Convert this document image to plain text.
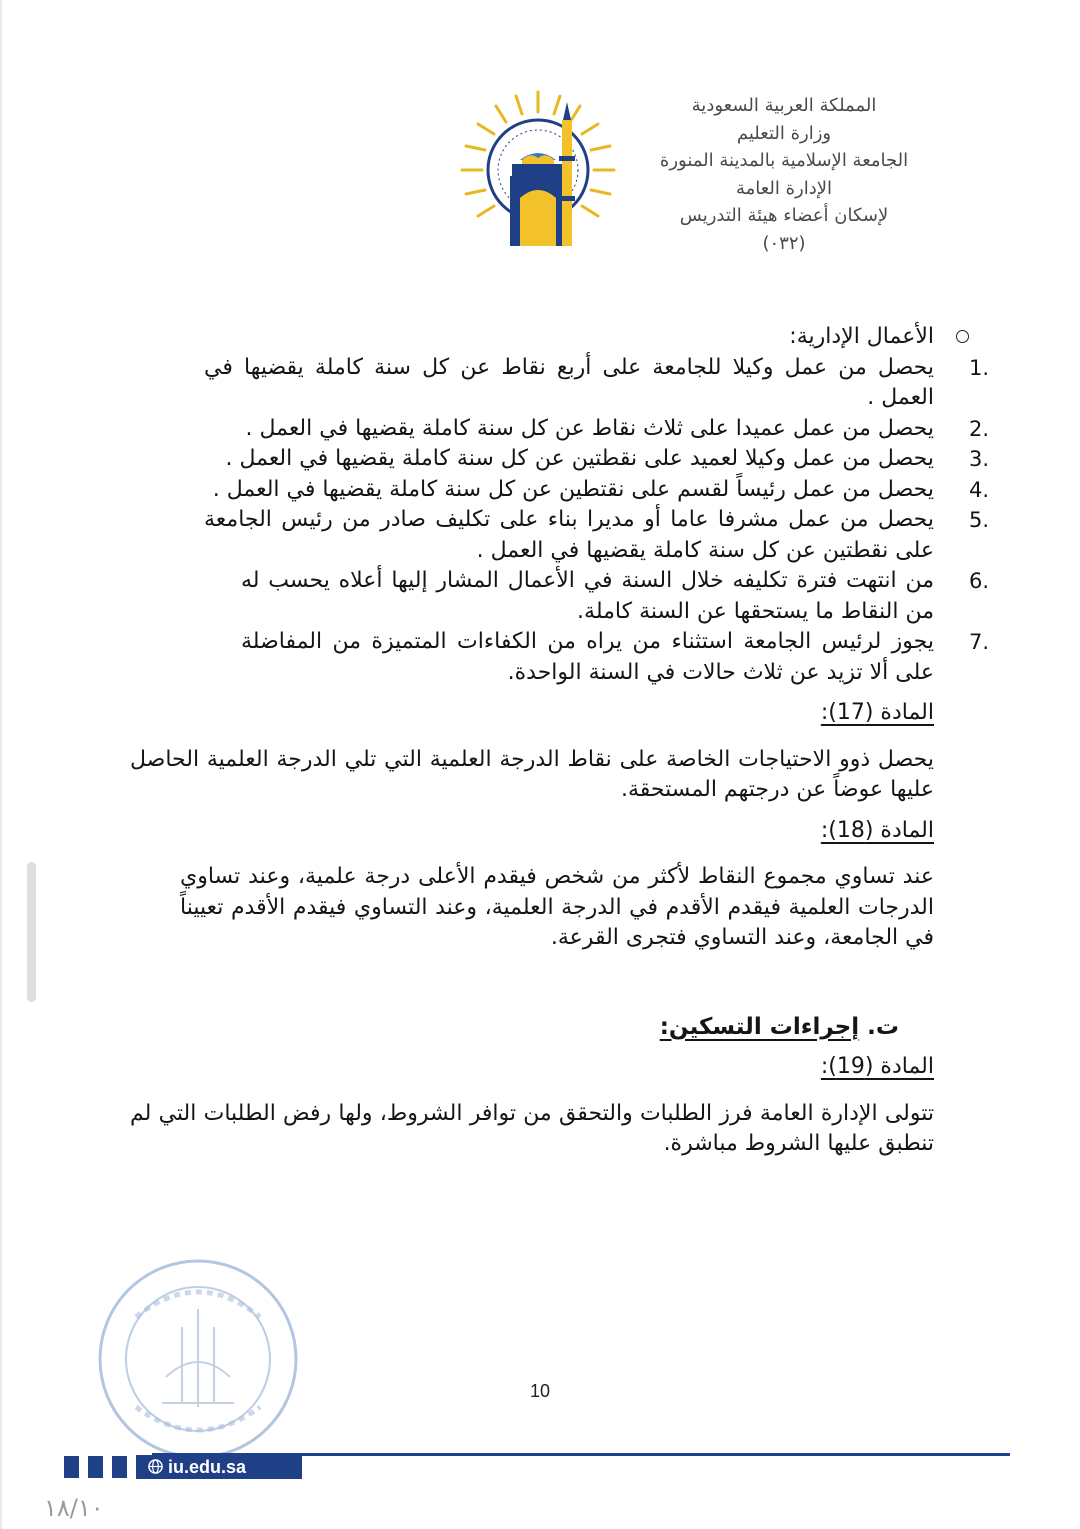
المملكة العربية السعودية
وزارة التعليم
الجامعة الإسلامية بالمدينة المنورة
الإدارة العامة
لإسكان أعضاء هيئة التدريس
(٠٣٢)
الأعمال الإدارية:
1.
يحصل من عمل وكيلا للجامعة على أربع نقاط عن كل سنة كاملة يقضيها في العمل .
2.
يحصل من عمل عميدا على ثلاث نقاط عن كل سنة كاملة يقضيها في العمل .
3.
يحصل من عمل وكيلا لعميد على نقطتين عن كل سنة كاملة يقضيها في العمل .
4.
يحصل من عمل رئيساً لقسم على نقتطين عن كل سنة كاملة يقضيها في العمل .
5.
يحصل من عمل مشرفا عاما أو مديرا بناء على تكليف صادر من رئيس الجامعة على نقطتين عن كل سنة كاملة يقضيها في العمل .
6.
من انتهت فترة تكليفه خلال السنة في الأعمال المشار إليها أعلاه يحسب له من النقاط ما يستحقها عن السنة كاملة.
7.
يجوز لرئيس الجامعة استثناء من يراه من الكفاءات المتميزة من المفاضلة على ألا تزيد عن ثلاث حالات في السنة الواحدة.
المادة (17):
يحصل ذوو الاحتياجات الخاصة على نقاط الدرجة العلمية التي تلي الدرجة العلمية الحاصل عليها عوضاً عن درجتهم المستحقة.
المادة (18):
عند تساوي مجموع النقاط لأكثر من شخص فيقدم الأعلى درجة علمية، وعند تساوي الدرجات العلمية فيقدم الأقدم في الدرجة العلمية، وعند التساوي فيقدم الأقدم تعييناً في الجامعة، وعند التساوي فتجرى القرعة.
ت. إجراءات التسكين:
المادة (19):
تتولى الإدارة العامة فرز الطلبات والتحقق من توافر الشروط، ولها رفض الطلبات التي لم تنطبق عليها الشروط مباشرة.
10
iu.edu.sa
١٨/١٠
